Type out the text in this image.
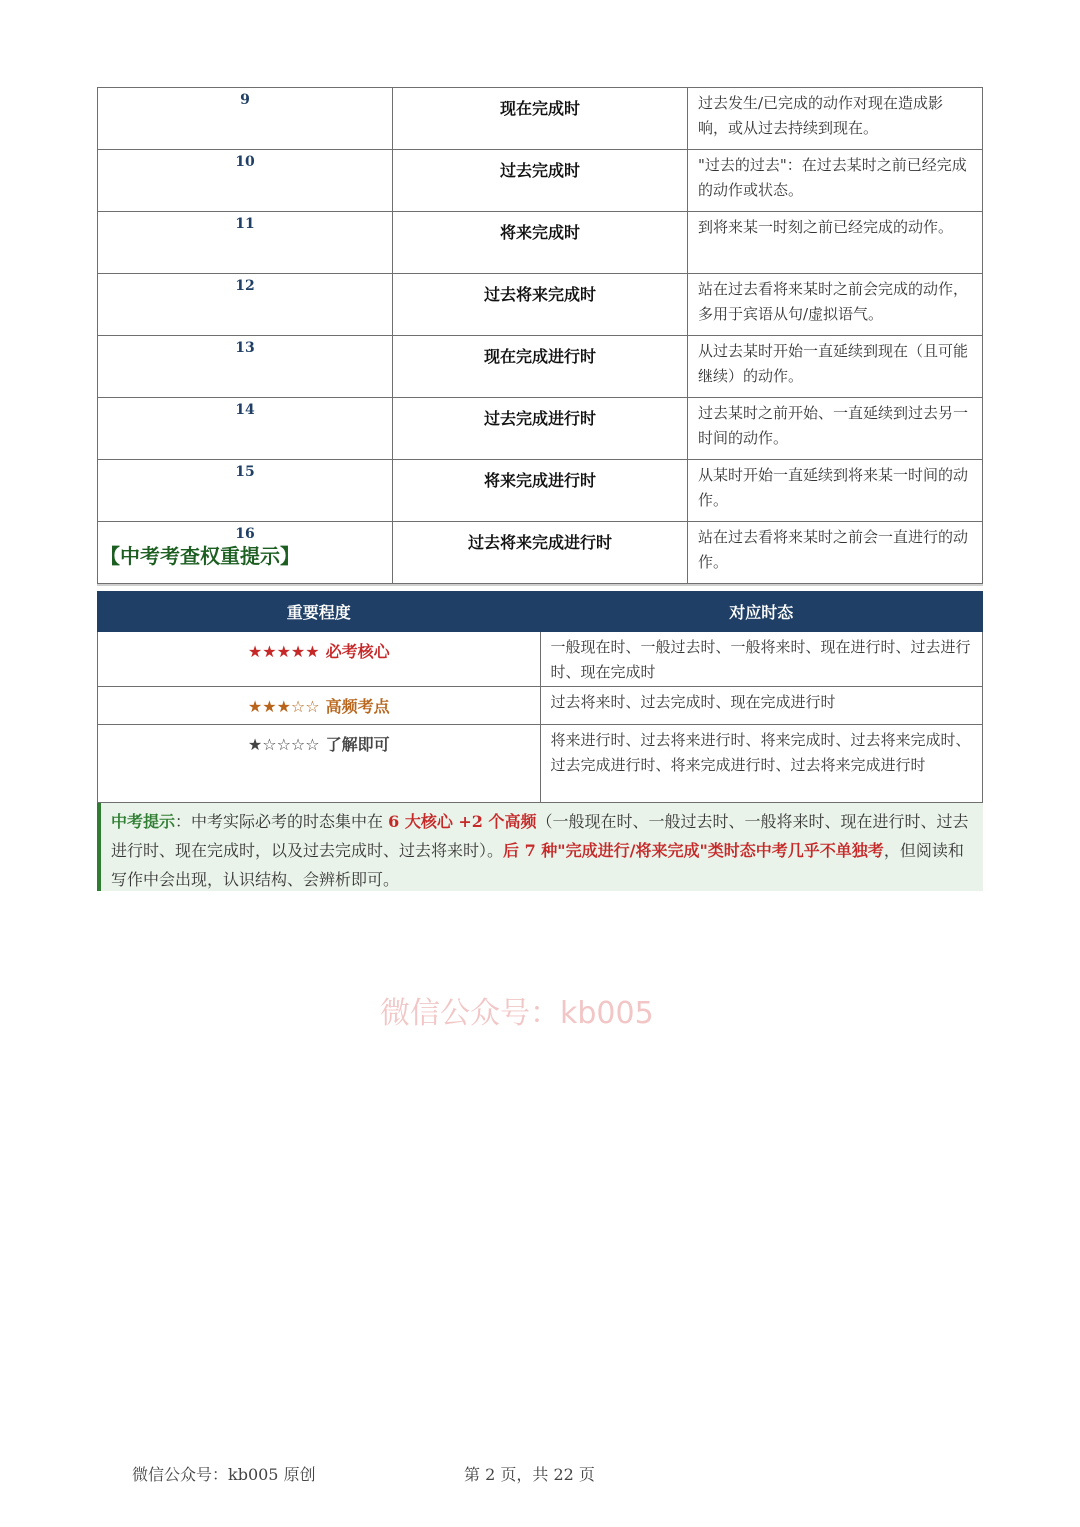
9	现在完成时	过去发生/已完成的动作对现在造成影响，或从过去持续到现在。
10	过去完成时	"过去的过去"：在过去某时之前已经完成的动作或状态。
11	将来完成时	到将来某一时刻之前已经完成的动作。
12	过去将来完成时	站在过去看将来某时之前会完成的动作，多用于宾语从句/虚拟语气。
13	现在完成进行时	从过去某时开始一直延续到现在（且可能继续）的动作。
14	过去完成进行时	过去某时之前开始、一直延续到过去另一时间的动作。
15	将来完成进行时	从某时开始一直延续到将来某一时间的动作。
16	过去将来完成进行时	站在过去看将来某时之前会一直进行的动作。
【中考考查权重提示】
重要程度	对应时态
★★★★★ 必考核心	一般现在时、一般过去时、一般将来时、现在进行时、过去进行时、现在完成时
★★★☆☆ 高频考点	过去将来时、过去完成时、现在完成进行时
★☆☆☆☆ 了解即可	将来进行时、过去将来进行时、将来完成时、过去将来完成时、过去完成进行时、将来完成进行时、过去将来完成进行时
中考提示：中考实际必考的时态集中在 6 大核心 +2 个高频（一般现在时、一般过去时、一般将来时、现在进行时、过去进行时、现在完成时，以及过去完成时、过去将来时）。后 7 种"完成进行/将来完成"类时态中考几乎不单独考，但阅读和写作中会出现，认识结构、会辨析即可。
微信公众号：kb005
微信公众号：kb005 原创	第 2 页，共 22 页
